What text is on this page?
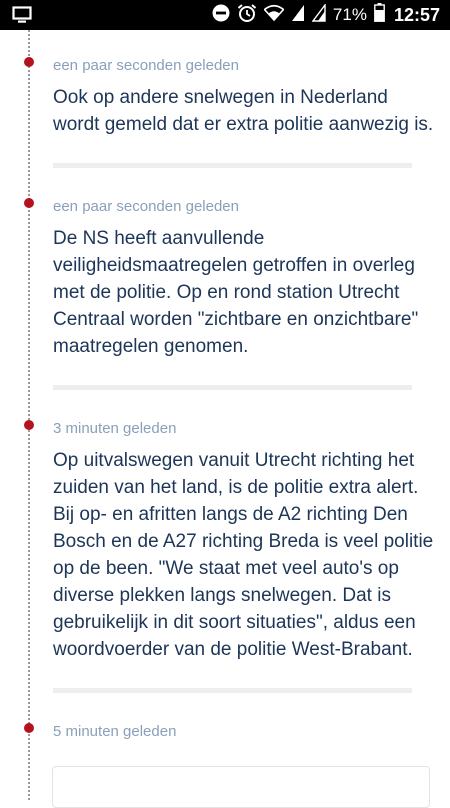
71% 12:57
een paar seconden geleden
Ook op andere snelwegen in Nederland wordt gemeld dat er extra politie aanwezig is.
een paar seconden geleden
De NS heeft aanvullende veiligheidsmaatregelen getroffen in overleg met de politie. Op en rond station Utrecht Centraal worden "zichtbare en onzichtbare" maatregelen genomen.
3 minuten geleden
Op uitvalswegen vanuit Utrecht richting het zuiden van het land, is de politie extra alert. Bij op- en afritten langs de A2 richting Den Bosch en de A27 richting Breda is veel politie op de been. "We staat met veel auto's op diverse plekken langs snelwegen. Dat is gebruikelijk in dit soort situaties", aldus een woordvoerder van de politie West-Brabant.
5 minuten geleden
